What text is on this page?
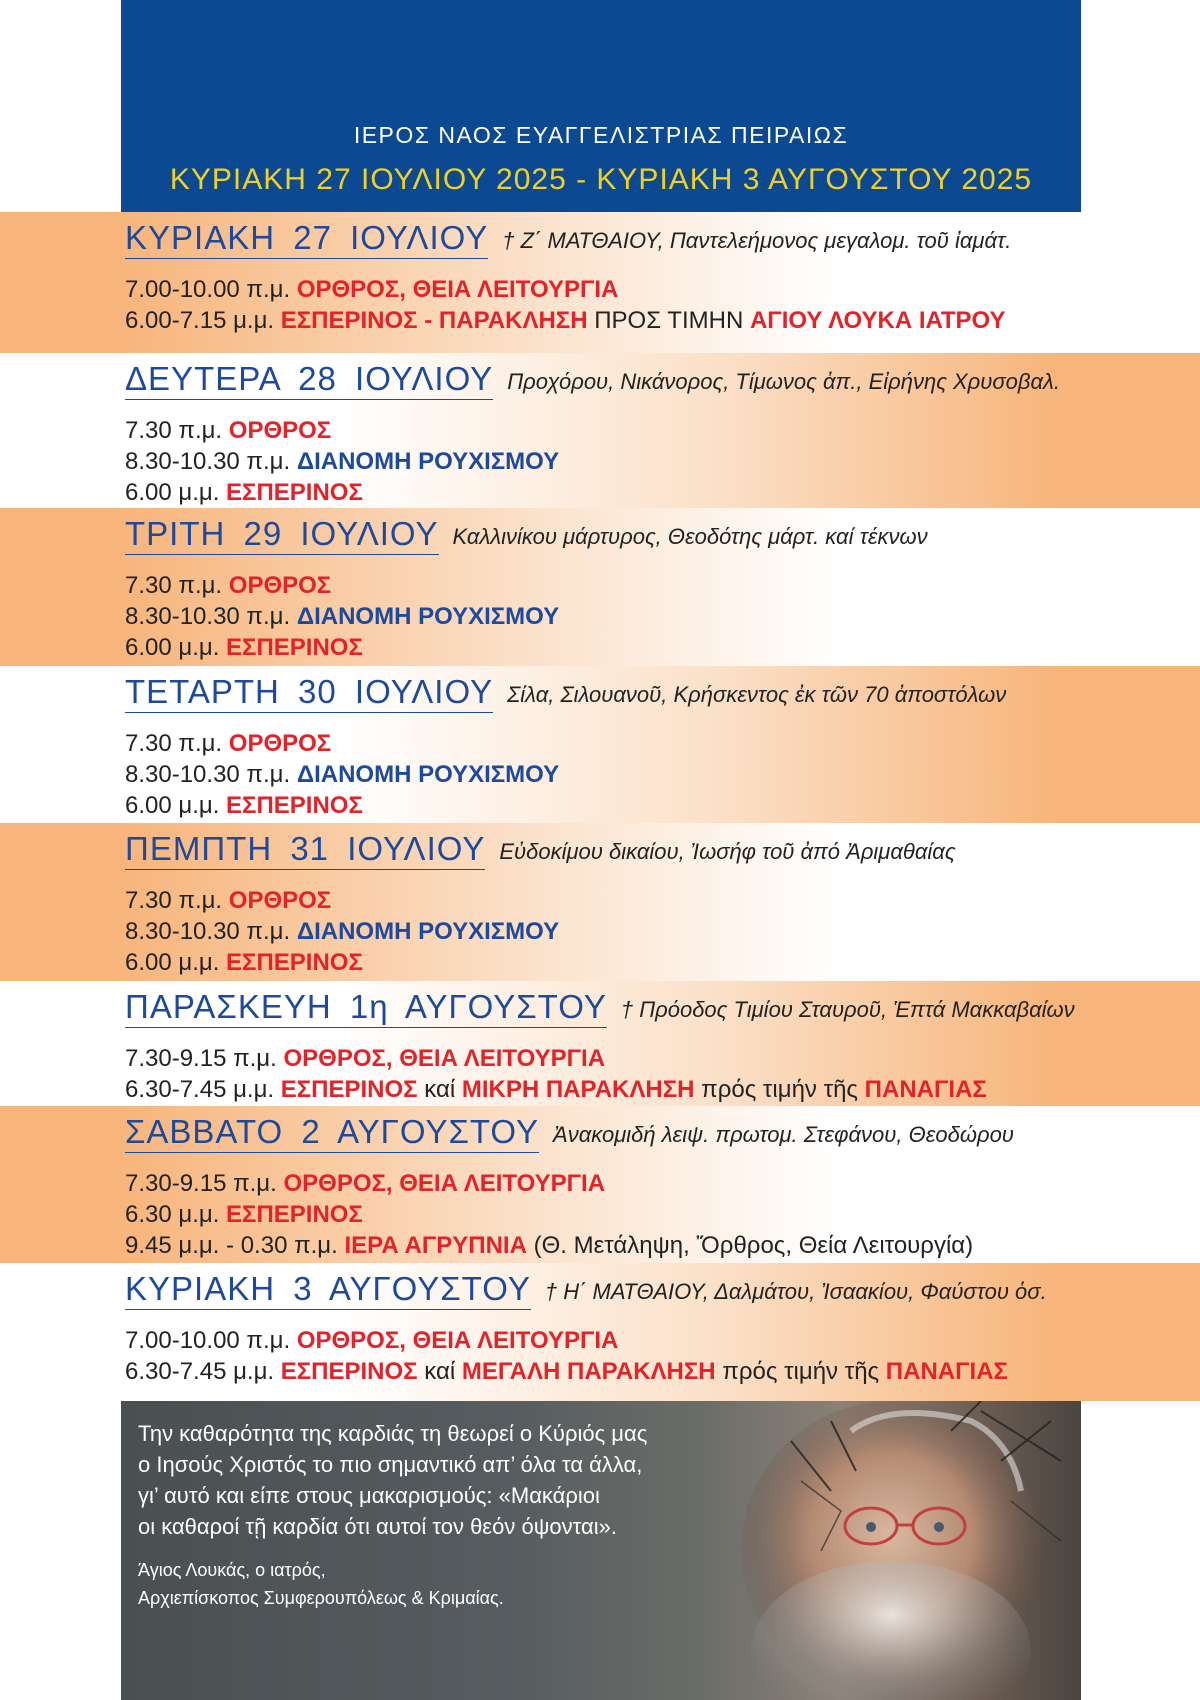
ΙΕΡΟΣ ΝΑΟΣ ΕΥΑΓΓΕΛΙΣΤΡΙΑΣ ΠΕΙΡΑΙΩΣ
ΚΥΡΙΑΚΗ 27 ΙΟΥΛΙΟΥ 2025 - ΚΥΡΙΑΚΗ 3 ΑΥΓΟΥΣΤΟΥ 2025
ΚΥΡΙΑΚΗ 27 ΙΟΥΛΙΟΥ † Ζ΄ ΜΑΤΘΑΙΟΥ, Παντελεήμονος μεγαλομ. τοῦ ἰαμάτ.
7.00-10.00 π.μ. ΟΡΘΡΟΣ, ΘΕΙΑ ΛΕΙΤΟΥΡΓΙΑ
6.00-7.15 μ.μ. ΕΣΠΕΡΙΝΟΣ - ΠΑΡΑΚΛΗΣΗ ΠΡΟΣ ΤΙΜΗΝ ΑΓΙΟΥ ΛΟΥΚΑ ΙΑΤΡΟΥ
ΔΕΥΤΕΡΑ 28 ΙΟΥΛΙΟΥ Προχόρου, Νικάνορος, Τίμωνος ἀπ., Εἰρήνης Χρυσοβαλ.
7.30 π.μ. ΟΡΘΡΟΣ
8.30-10.30 π.μ. ΔΙΑΝΟΜΗ ΡΟΥΧΙΣΜΟΥ
6.00 μ.μ. ΕΣΠΕΡΙΝΟΣ
ΤΡΙΤΗ 29 ΙΟΥΛΙΟΥ Καλλινίκου μάρτυρος, Θεοδότης μάρτ. καί τέκνων
7.30 π.μ. ΟΡΘΡΟΣ
8.30-10.30 π.μ. ΔΙΑΝΟΜΗ ΡΟΥΧΙΣΜΟΥ
6.00 μ.μ. ΕΣΠΕΡΙΝΟΣ
ΤΕΤΑΡΤΗ 30 ΙΟΥΛΙΟΥ Σίλα, Σιλουανοῦ, Κρήσκεντος ἐκ τῶν 70 ἀποστόλων
7.30 π.μ. ΟΡΘΡΟΣ
8.30-10.30 π.μ. ΔΙΑΝΟΜΗ ΡΟΥΧΙΣΜΟΥ
6.00 μ.μ. ΕΣΠΕΡΙΝΟΣ
ΠΕΜΠΤΗ 31 ΙΟΥΛΙΟΥ Εὐδοκίμου δικαίου, Ἰωσήφ τοῦ ἀπό Ἀριμαθαίας
7.30 π.μ. ΟΡΘΡΟΣ
8.30-10.30 π.μ. ΔΙΑΝΟΜΗ ΡΟΥΧΙΣΜΟΥ
6.00 μ.μ. ΕΣΠΕΡΙΝΟΣ
ΠΑΡΑΣΚΕΥΗ 1η ΑΥΓΟΥΣΤΟΥ † Πρόοδος Τιμίου Σταυροῦ, Ἑπτά Μακκαβαίων
7.30-9.15 π.μ. ΟΡΘΡΟΣ, ΘΕΙΑ ΛΕΙΤΟΥΡΓΙΑ
6.30-7.45 μ.μ. ΕΣΠΕΡΙΝΟΣ καί ΜΙΚΡΗ ΠΑΡΑΚΛΗΣΗ πρός τιμήν τῆς ΠΑΝΑΓΙΑΣ
ΣΑΒΒΑΤΟ 2 ΑΥΓΟΥΣΤΟΥ Ἀνακομιδή λειψ. πρωτομ. Στεφάνου, Θεοδώρου
7.30-9.15 π.μ. ΟΡΘΡΟΣ, ΘΕΙΑ ΛΕΙΤΟΥΡΓΙΑ
6.30 μ.μ. ΕΣΠΕΡΙΝΟΣ
9.45 μ.μ. - 0.30 π.μ. ΙΕΡΑ ΑΓΡΥΠΝΙΑ (Θ. Μετάληψη, Ὄρθρος, Θεία Λειτουργία)
ΚΥΡΙΑΚΗ 3 ΑΥΓΟΥΣΤΟΥ † Η΄ ΜΑΤΘΑΙΟΥ, Δαλμάτου, Ἰσαακίου, Φαύστου ὁσ.
7.00-10.00 π.μ. ΟΡΘΡΟΣ, ΘΕΙΑ ΛΕΙΤΟΥΡΓΙΑ
6.30-7.45 μ.μ. ΕΣΠΕΡΙΝΟΣ καί ΜΕΓΑΛΗ ΠΑΡΑΚΛΗΣΗ πρός τιμήν τῆς ΠΑΝΑΓΙΑΣ
Την καθαρότητα της καρδιάς τη θεωρεί ο Κύριός μας
ο Ιησούς Χριστός το πιο σημαντικό απ’ όλα τα άλλα,
γι’ αυτό και είπε στους μακαρισμούς: «Μακάριοι
οι καθαροί τῇ καρδία ότι αυτοί τον θεόν όψονται».
Άγιος Λουκάς, ο ιατρός,
Αρχιεπίσκοπος Συμφερουπόλεως & Κριμαίας.
